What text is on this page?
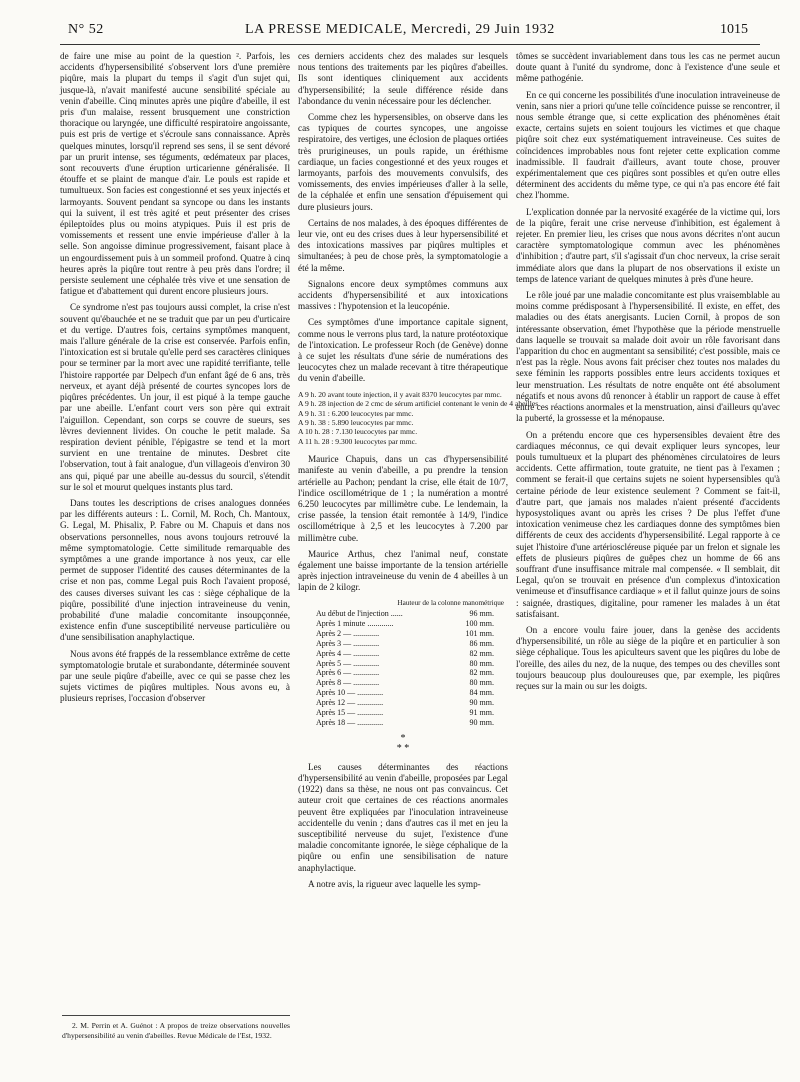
N° 52	LA PRESSE MEDICALE, Mercredi, 29 Juin 1932	1015

de faire une mise au point de la question ². Parfois, les accidents d'hypersensibilité s'observent lors d'une première piqûre, mais la plupart du temps il s'agit d'un sujet qui, jusque-là, n'avait manifesté aucune sensibilité spéciale au venin d'abeille. Cinq minutes après une piqûre d'abeille, il est pris d'un malaise, ressent brusquement une constriction thoracique ou laryngée, une difficulté respiratoire angoissante, puis est pris de vertige et s'écroule sans connaissance. Après quelques minutes, lorsqu'il reprend ses sens, il se sent dévoré par un prurit intense, ses téguments, œdémateux par places, sont recouverts d'une éruption urticarienne généralisée. Il étouffe et se plaint de manque d'air. Le pouls est rapide et tumultueux. Son facies est congestionné et ses yeux injectés et larmoyants. Souvent pendant sa syncope ou dans les instants qui la suivent, il est très agité et peut présenter des crises épileptoïdes plus ou moins atypiques. Puis il est pris de vomissements et ressent une envie impérieuse d'aller à la selle. Son angoisse diminue progressivement, faisant place à un engourdissement puis à un sommeil profond. Quatre à cinq heures après la piqûre tout rentre à peu près dans l'ordre; il persiste seulement une céphalée très vive et une sensation de fatigue et d'abattement qui durent encore plusieurs jours.

Ce syndrome n'est pas toujours aussi complet, la crise n'est souvent qu'ébauchée et ne se traduit que par un peu d'urticaire et du vertige. D'autres fois, certains symptômes manquent, mais l'allure générale de la crise est conservée. Parfois enfin, l'intoxication est si brutale qu'elle perd ses caractères cliniques pour se terminer par la mort avec une rapidité terrifiante, telle l'histoire rapportée par Delpech d'un enfant âgé de 6 ans, très nerveux, et ayant déjà présenté de courtes syncopes lors de piqûres précédentes. Un jour, il est piqué à la tempe gauche par une abeille. L'enfant court vers son père qui extrait l'aiguillon. Cependant, son corps se couvre de sueurs, ses lèvres deviennent livides. On couche le petit malade. Sa respiration devient pénible, l'épigastre se tend et la mort survient en une trentaine de minutes. Desbret cite l'observation, tout à fait analogue, d'un villageois d'environ 30 ans qui, piqué par une abeille au-dessus du sourcil, s'étendit sur le sol et mourut quelques instants plus tard.

Dans toutes les descriptions de crises analogues données par les différents auteurs : L. Cornil, M. Roch, Ch. Mantoux, G. Legal, M. Phisalix, P. Fabre ou M. Chapuis et dans nos observations personnelles, nous avons toujours retrouvé la même symptomatologie. Cette similitude remarquable des symptômes a une grande importance à nos yeux, car elle permet de supposer l'identité des causes déterminantes de la crise et non pas, comme Legal puis Roch l'avaient proposé, des causes diverses suivant les cas : siège céphalique de la piqûre, possibilité d'une injection intraveineuse du venin, probabilité d'une maladie concomitante insoupçonnée, existence enfin d'une susceptibilité nerveuse particulière ou d'une sensibilisation anaphylactique.

Nous avons été frappés de la ressemblance extrême de cette symptomatologie brutale et surabondante, déterminée souvent par une seule piqûre d'abeille, avec ce qui se passe chez les sujets victimes de piqûres multiples. Nous avons eu, à plusieurs reprises, l'occasion d'observer

2. M. Perrin et A. Guénot : A propos de treize observations nouvelles d'hypersensibilité au venin d'abeilles. Revue Médicale de l'Est, 1932.

ces derniers accidents chez des malades sur lesquels nous tentions des traitements par les piqûres d'abeilles. Ils sont identiques cliniquement aux accidents d'hypersensibilité; la seule différence réside dans l'abondance du venin nécessaire pour les déclencher.

Comme chez les hypersensibles, on observe dans les cas typiques de courtes syncopes, une angoisse respiratoire, des vertiges, une éclosion de plaques ortiées très prurigineuses, un pouls rapide, un éréthisme cardiaque, un facies congestionné et des yeux rouges et larmoyants, parfois des mouvements convulsifs, des vomissements, des envies impérieuses d'aller à la selle, de la céphalée et enfin une sensation d'épuisement qui dure plusieurs jours.

Certains de nos malades, à des époques différentes de leur vie, ont eu des crises dues à leur hypersensibilité et des intoxications massives par piqûres multiples et simultanées; à peu de chose près, la symptomatologie a été la même.

Signalons encore deux symptômes communs aux accidents d'hypersensibilité et aux intoxications massives : l'hypotension et la leucopénie.

Ces symptômes d'une importance capitale signent, comme nous le verrons plus tard, la nature protéotoxique de l'intoxication. Le professeur Roch (de Genève) donne à ce sujet les résultats d'une série de numérations des leucocytes chez un malade recevant à titre thérapeutique du venin d'abeille.

A 9 h. 20 avant toute injection, il y avait 8370 leucocytes par mmc.
A 9 h. 28 injection de 2 cmc de sérum artificiel contenant le venin de 4 abeilles.
A 9 h. 31 : 6.200 leucocytes par mmc.
A 9 h. 38 : 5.890 leucocytes par mmc.
A 10 h. 28 : 7.130 leucocytes par mmc.
A 11 h. 28 : 9.300 leucocytes par mmc.

Maurice Chapuis, dans un cas d'hypersensibilité manifeste au venin d'abeille, a pu prendre la tension artérielle au Pachon; pendant la crise, elle était de 10/7, l'indice oscillométrique de 1 ; la numération a montré 6.250 leucocytes par millimètre cube. Le lendemain, la crise passée, la tension était remontée à 14/9, l'indice oscillométrique à 2,5 et les leucocytes à 7.200 par millimètre cube.

Maurice Arthus, chez l'animal neuf, constate également une baisse importante de la tension artérielle après injection intraveineuse du venin de 4 abeilles à un lapin de 2 kilogr.

Hauteur de la colonne manométrique
Au début de l'injection ......	96 mm.
Après 1 minute .............	100 mm.
Après 2 — .............	101 mm.
Après 3 — .............	86 mm.
Après 4 — .............	82 mm.
Après 5 — .............	80 mm.
Après 6 — .............	82 mm.
Après 8 — .............	80 mm.
Après 10 — .............	84 mm.
Après 12 — .............	90 mm.
Après 15 — .............	91 mm.
Après 18 — .............	90 mm.
*
* *

Les causes déterminantes des réactions d'hypersensibilité au venin d'abeille, proposées par Legal (1922) dans sa thèse, ne nous ont pas convaincus. Cet auteur croit que certaines de ces réactions anormales peuvent être expliquées par l'inoculation intraveineuse accidentelle du venin ; dans d'autres cas il met en jeu la susceptibilité nerveuse du sujet, l'existence d'une maladie concomitante ignorée, le siège céphalique de la piqûre ou enfin une sensibilisation de nature anaphylactique.

A notre avis, la rigueur avec laquelle les symp-

tômes se succèdent invariablement dans tous les cas ne permet aucun doute quant à l'unité du syndrome, donc à l'existence d'une seule et même pathogénie.

En ce qui concerne les possibilités d'une inoculation intraveineuse de venin, sans nier a priori qu'une telle coïncidence puisse se rencontrer, il nous semble étrange que, si cette explication des phénomènes était exacte, certains sujets en soient toujours les victimes et que chaque piqûre soit chez eux systématiquement intraveineuse. Ces suites de coïncidences improbables nous font rejeter cette explication comme inadmissible. Il faudrait d'ailleurs, avant toute chose, prouver expérimentalement que ces piqûres sont possibles et qu'en outre elles déterminent des accidents du même type, ce qui n'a pas encore été fait chez l'homme.

L'explication donnée par la nervosité exagérée de la victime qui, lors de la piqûre, ferait une crise nerveuse d'inhibition, est également à rejeter. En premier lieu, les crises que nous avons décrites n'ont aucun caractère symptomatologique commun avec les phénomènes d'inhibition ; d'autre part, s'il s'agissait d'un choc nerveux, la crise serait immédiate alors que dans la plupart de nos observations il existe un temps de latence variant de quelques minutes à près d'une heure.

Le rôle joué par une maladie concomitante est plus vraisemblable au moins comme prédisposant à l'hypersensibilité. Il existe, en effet, des maladies ou des états anergisants. Lucien Cornil, à propos de son intéressante observation, émet l'hypothèse que la période menstruelle dans laquelle se trouvait sa malade doit avoir un rôle favorisant dans l'apparition du choc en augmentant sa sensibilité; c'est possible, mais ce n'est pas la règle. Nous avons fait préciser chez toutes nos malades du sexe féminin les rapports possibles entre leurs accidents toxiques et leur menstruation. Les résultats de notre enquête ont été absolument négatifs et nous avons dû renoncer à établir un rapport de cause à effet entre ces réactions anormales et la menstruation, ainsi d'ailleurs qu'avec la puberté, la grossesse et la ménopause.

On a prétendu encore que ces hypersensibles devaient être des cardiaques méconnus, ce qui devait expliquer leurs syncopes, leur pouls tumultueux et la plupart des phénomènes circulatoires de leurs accidents. Cette affirmation, toute gratuite, ne tient pas à l'examen ; comment se ferait-il que certains sujets ne soient hypersensibles qu'à certaine période de leur existence seulement ? Comment se fait-il, d'autre part, que jamais nos malades n'aient présenté d'accidents hyposystoliques avant ou après les crises ? De plus l'effet d'une intoxication venimeuse chez les cardiaques donne des symptômes bien différents de ceux des accidents d'hypersensibilité. Legal rapporte à ce sujet l'histoire d'une artérioscléreuse piquée par un frelon et signale les effets de plusieurs piqûres de guêpes chez un homme de 66 ans souffrant d'une insuffisance mitrale mal compensée. « Il semblait, dit Legal, qu'on se trouvait en présence d'un complexus d'intoxication venimeuse et d'insuffisance cardiaque » et il fallut quinze jours de soins : saignée, drastiques, digitaline, pour ramener les malades à un état satisfaisant.

On a encore voulu faire jouer, dans la genèse des accidents d'hypersensibilité, un rôle au siège de la piqûre et en particulier à son siège céphalique. Tous les apiculteurs savent que les piqûres du lobe de l'oreille, des ailes du nez, de la nuque, des tempes ou des chevilles sont toujours beaucoup plus douloureuses que, par exemple, les piqûres reçues sur la main ou sur les doigts.
